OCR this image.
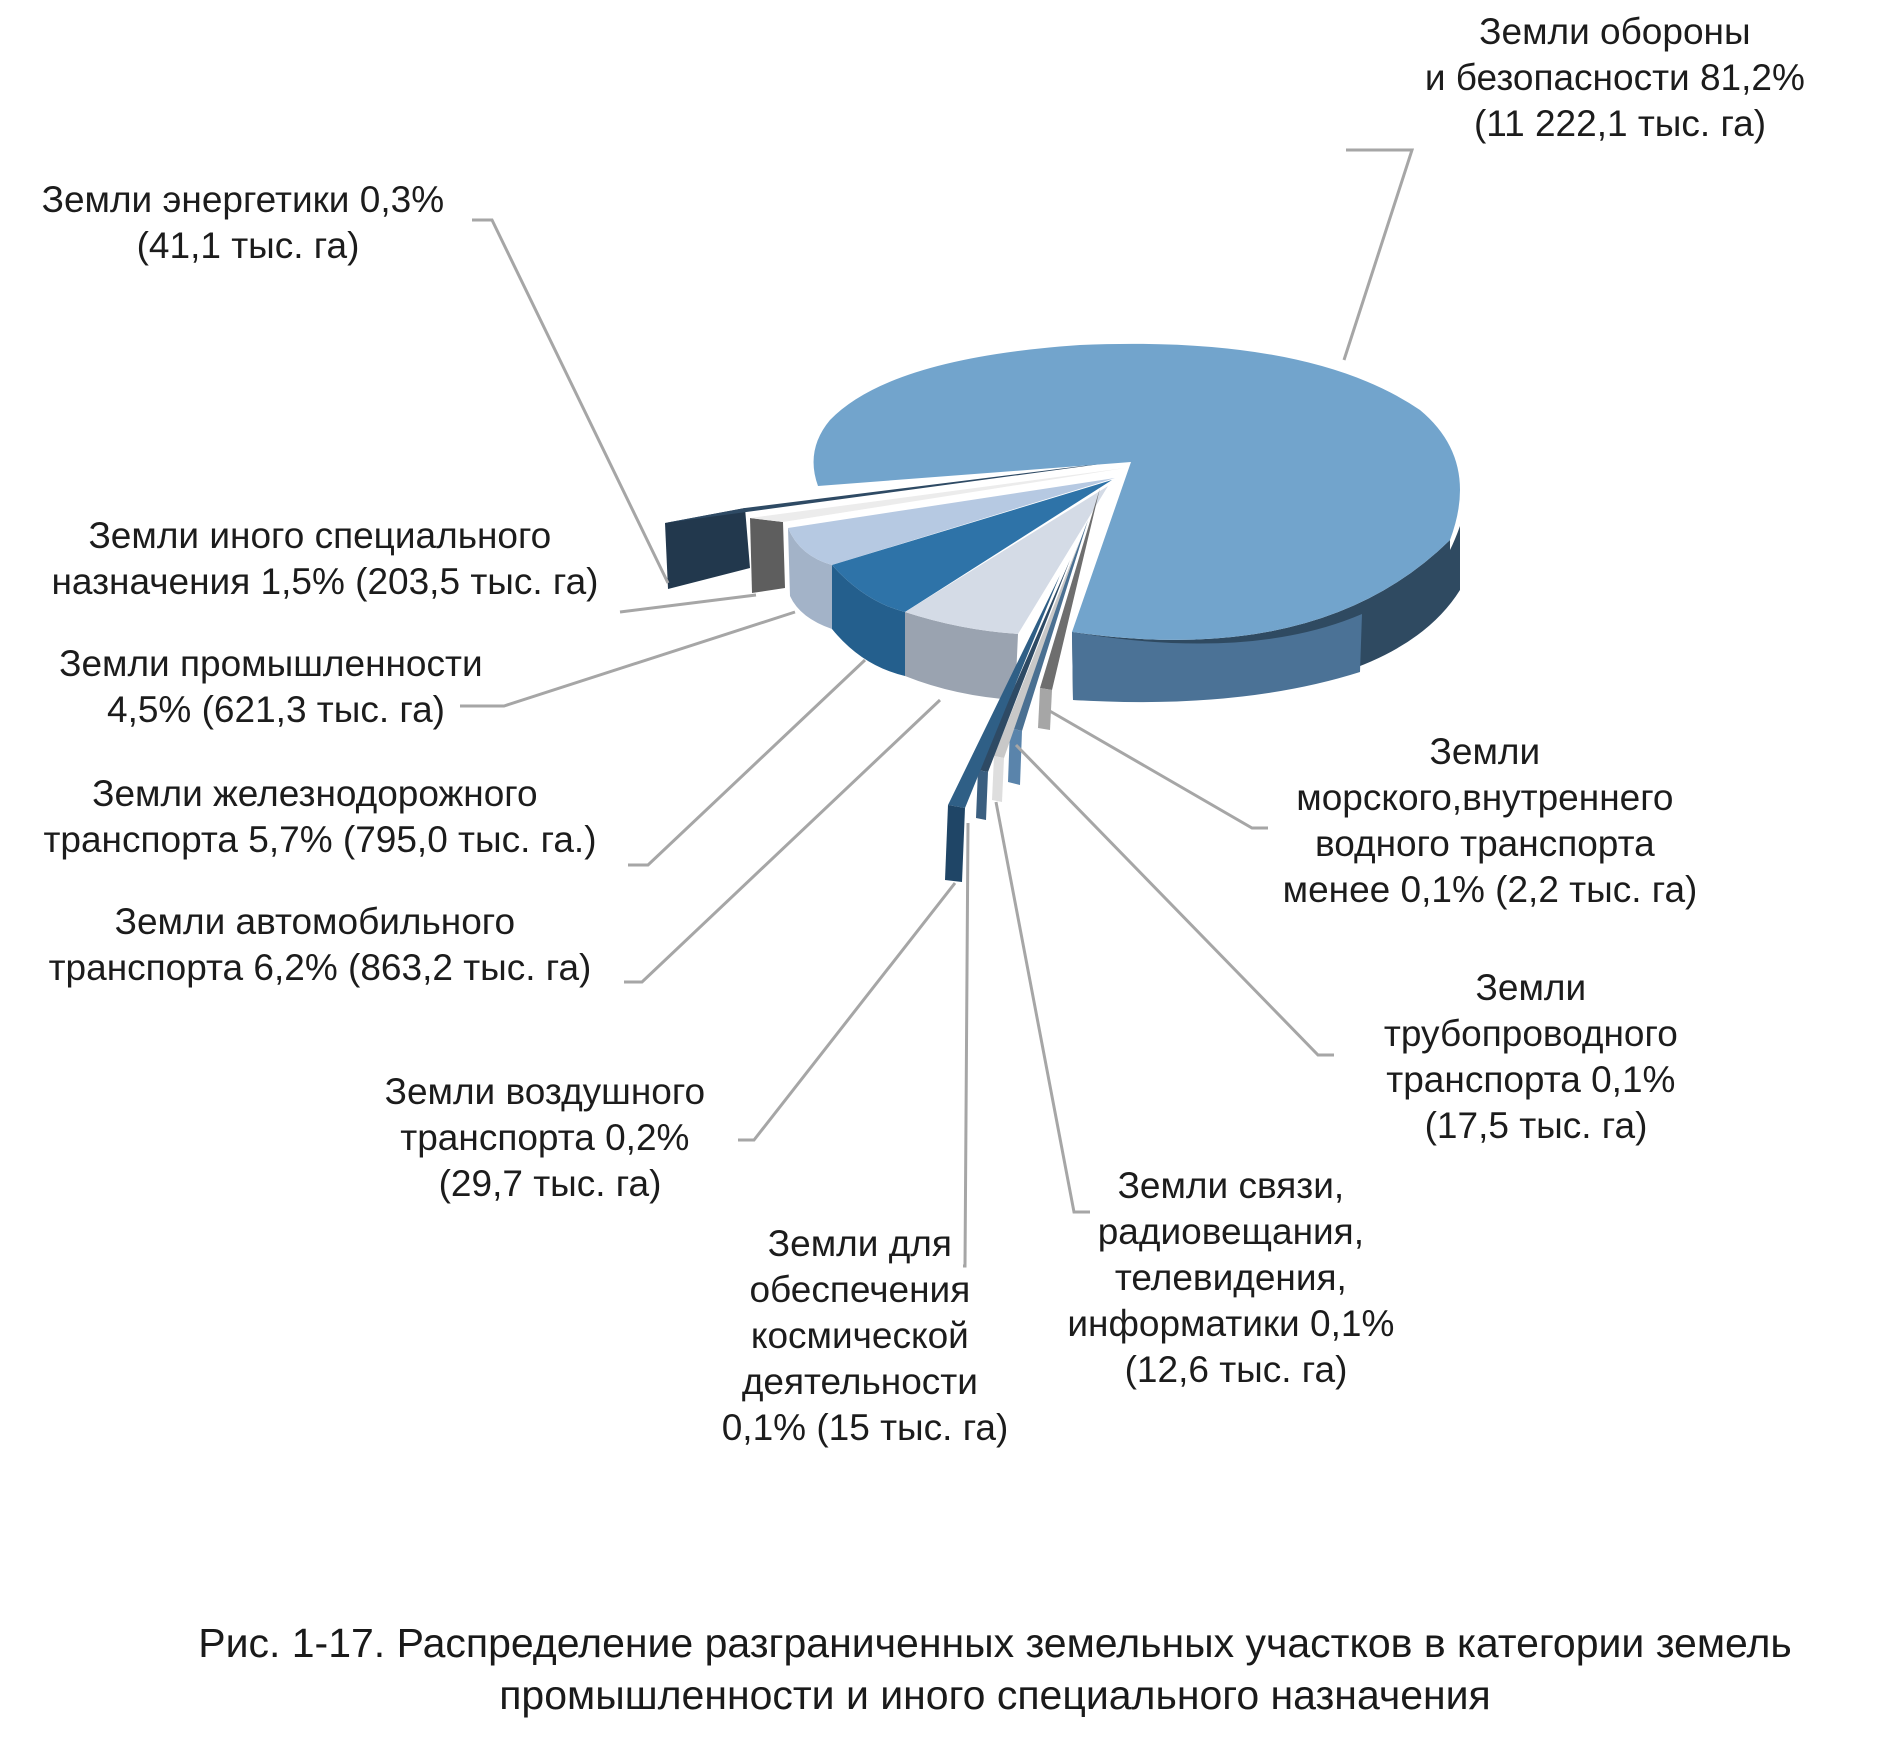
Земли обороны и безопасности 81,2% (11 222,1 тыс. га)
Земли энергетики 0,3% (41,1 тыс. га)
Земли иного специального назначения 1,5% (203,5 тыс. га)
Земли промышленности 4,5% (621,3 тыс. га)
Земли железнодорожного транспорта 5,7% (795,0 тыс. га.)
Земли автомобильного транспорта 6,2% (863,2 тыс. га)
Земли воздушного транспорта 0,2% (29,7 тыс. га)
Земли для обеспечения космической деятельности 0,1% (15 тыс. га)
Земли связи, радиовещания, телевидения, информатики 0,1% (12,6 тыс. га)
Земли трубопроводного транспорта 0,1% (17,5 тыс. га)
Земли морского,внутреннего водного транспорта менее 0,1% (2,2 тыс. га)
Рис. 1-17. Распределение разграниченных земельных участков в категории земель
промышленности и иного специального назначения
